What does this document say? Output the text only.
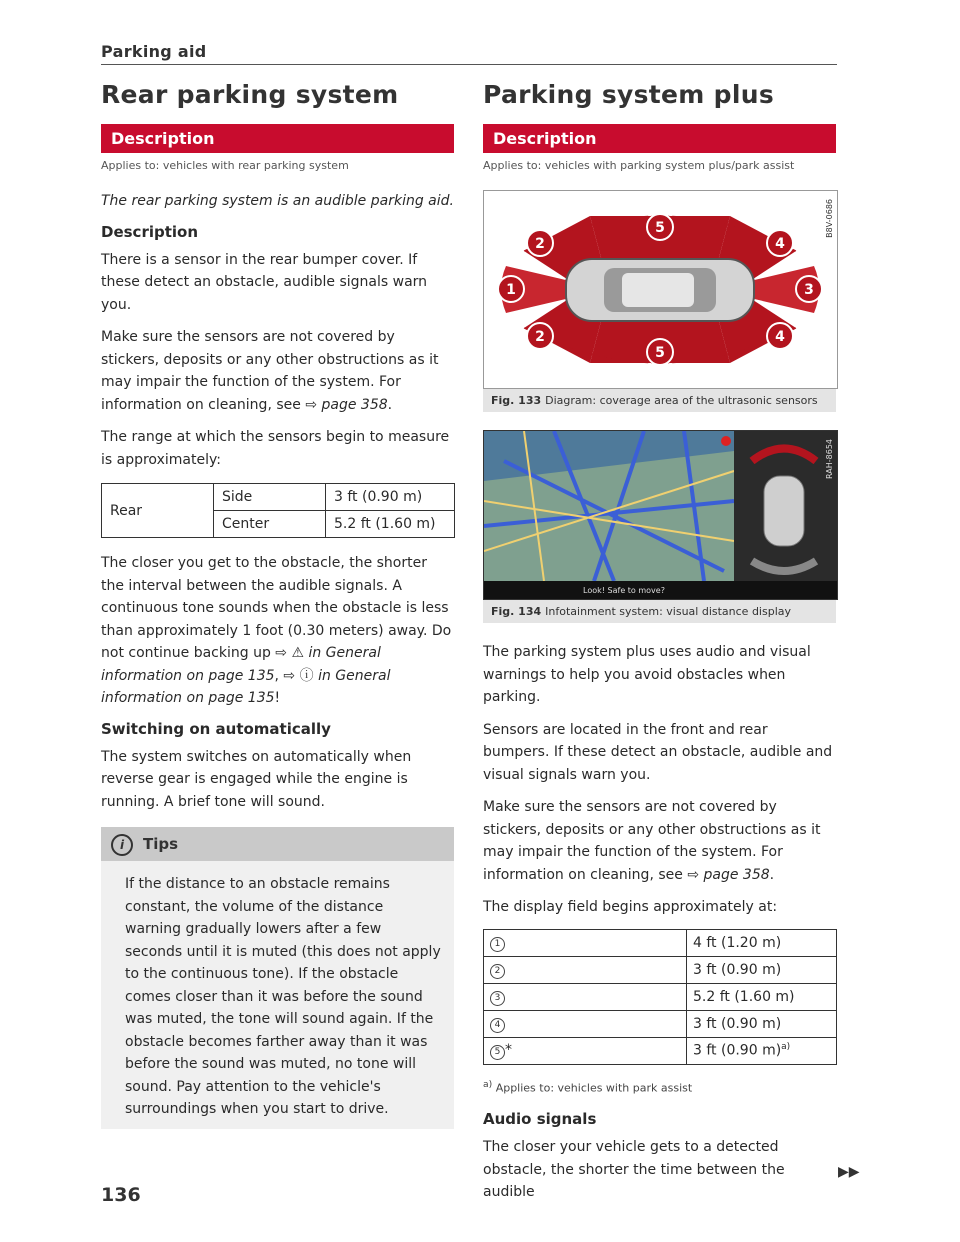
Parking aid
Rear parking system
Description
Applies to: vehicles with rear parking system

The rear parking system is an audible parking aid.

Description

There is a sensor in the rear bumper cover. If these detect an obstacle, audible signals warn you.

Make sure the sensors are not covered by stickers, deposits or any other obstructions as it may impair the function of the system. For information on cleaning, see ⇨ page 358.

The range at which the sensors begin to measure is approximately:

Rear	Side	3 ft (0.90 m)
	Center	5.2 ft (1.60 m)

The closer you get to the obstacle, the shorter the interval between the audible signals. A continuous tone sounds when the obstacle is less than approximately 1 foot (0.30 meters) away. Do not continue backing up ⇨ ⚠ in General information on page 135, ⇨ ⓘ in General information on page 135!

Switching on automatically

The system switches on automatically when reverse gear is engaged while the engine is running. A brief tone will sound.

i Tips
If the distance to an obstacle remains constant, the volume of the distance warning gradually lowers after a few seconds until it is muted (this does not apply to the continuous tone). If the obstacle comes closer than it was before the sound was muted, the tone will sound again. If the obstacle becomes farther away than it was before the sound was muted, no tone will sound. Pay attention to the vehicle's surroundings when you start to drive.
136
Parking system plus
Description
Applies to: vehicles with parking system plus/park assist
1
2
2
3
4
4
5
5
B8V-0686
Fig. 133 Diagram: coverage area of the ultrasonic sensors
Look! Safe to move?
RAH-8654
Fig. 134 Infotainment system: visual distance display

The parking system plus uses audio and visual warnings to help you avoid obstacles when parking.

Sensors are located in the front and rear bumpers. If these detect an obstacle, audible and visual signals warn you.

Make sure the sensors are not covered by stickers, deposits or any other obstructions as it may impair the function of the system. For information on cleaning, see ⇨ page 358.

The display field begins approximately at:

1	4 ft (1.20 m)
2	3 ft (0.90 m)
3	5.2 ft (1.60 m)
4	3 ft (0.90 m)
5 *	3 ft (0.90 m)$^{a)}$
$^{a)}$ Applies to: vehicles with park assist
Audio signals

The closer your vehicle gets to a detected obstacle, the shorter the time between the audible

▶▶
